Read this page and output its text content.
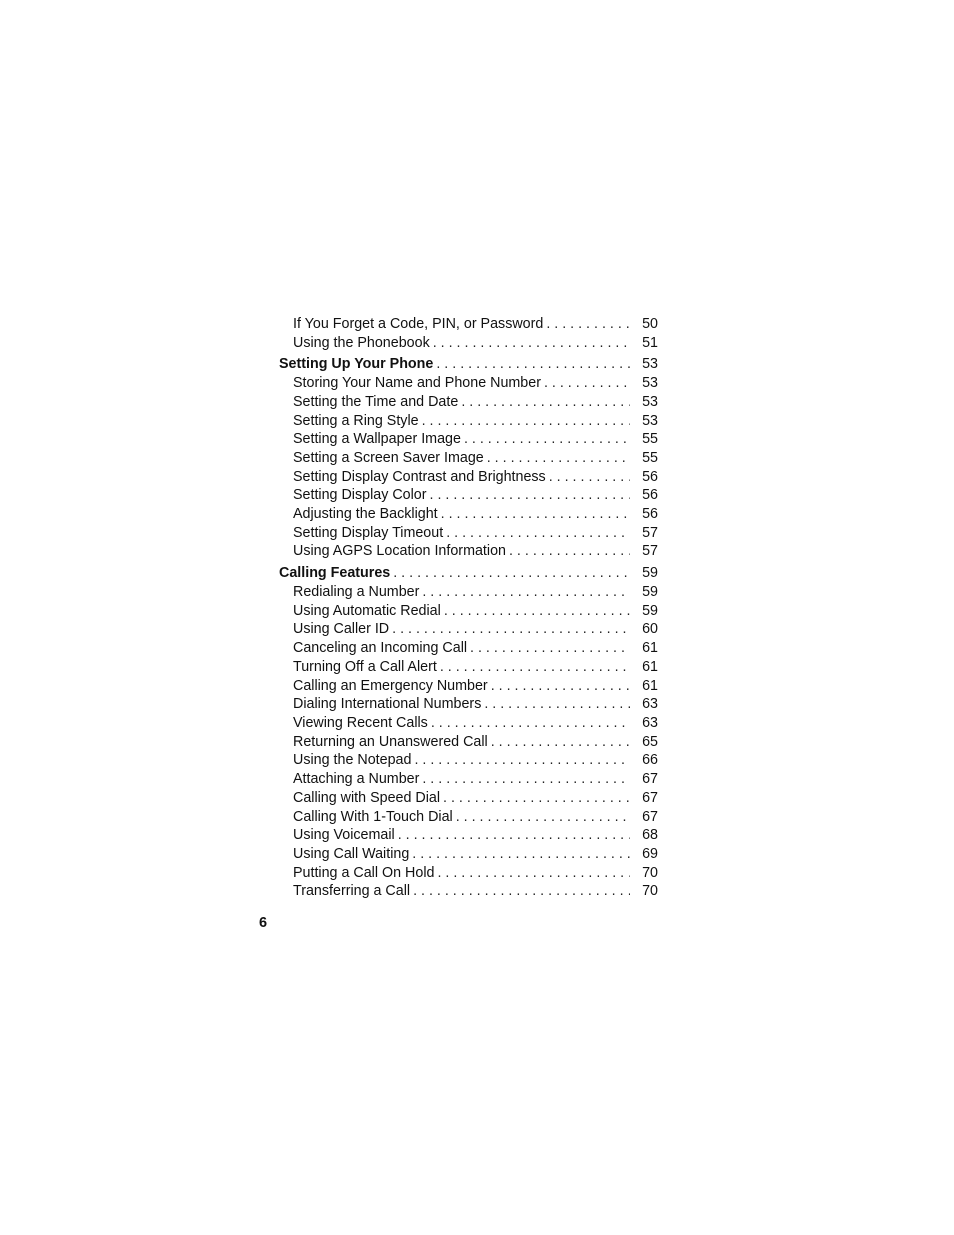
If You Forget a Code, PIN, or Password . . .	50
Using the Phonebook . . .	51
Setting Up Your Phone . . .	53
Storing Your Name and Phone Number . . .	53
Setting the Time and Date . . .	53
Setting a Ring Style . . .	53
Setting a Wallpaper Image . . .	55
Setting a Screen Saver Image . . .	55
Setting Display Contrast and Brightness . . .	56
Setting Display Color . . .	56
Adjusting the Backlight . . .	56
Setting Display Timeout . . .	57
Using AGPS Location Information . . .	57
Calling Features . . .	59
Redialing a Number . . .	59
Using Automatic Redial . . .	59
Using Caller ID . . .	60
Canceling an Incoming Call . . .	61
Turning Off a Call Alert . . .	61
Calling an Emergency Number . . .	61
Dialing International Numbers . . .	63
Viewing Recent Calls . . .	63
Returning an Unanswered Call . . .	65
Using the Notepad . . .	66
Attaching a Number . . .	67
Calling with Speed Dial . . .	67
Calling With 1-Touch Dial . . .	67
Using Voicemail . . .	68
Using Call Waiting . . .	69
Putting a Call On Hold . . .	70
Transferring a Call . . .	70
6
